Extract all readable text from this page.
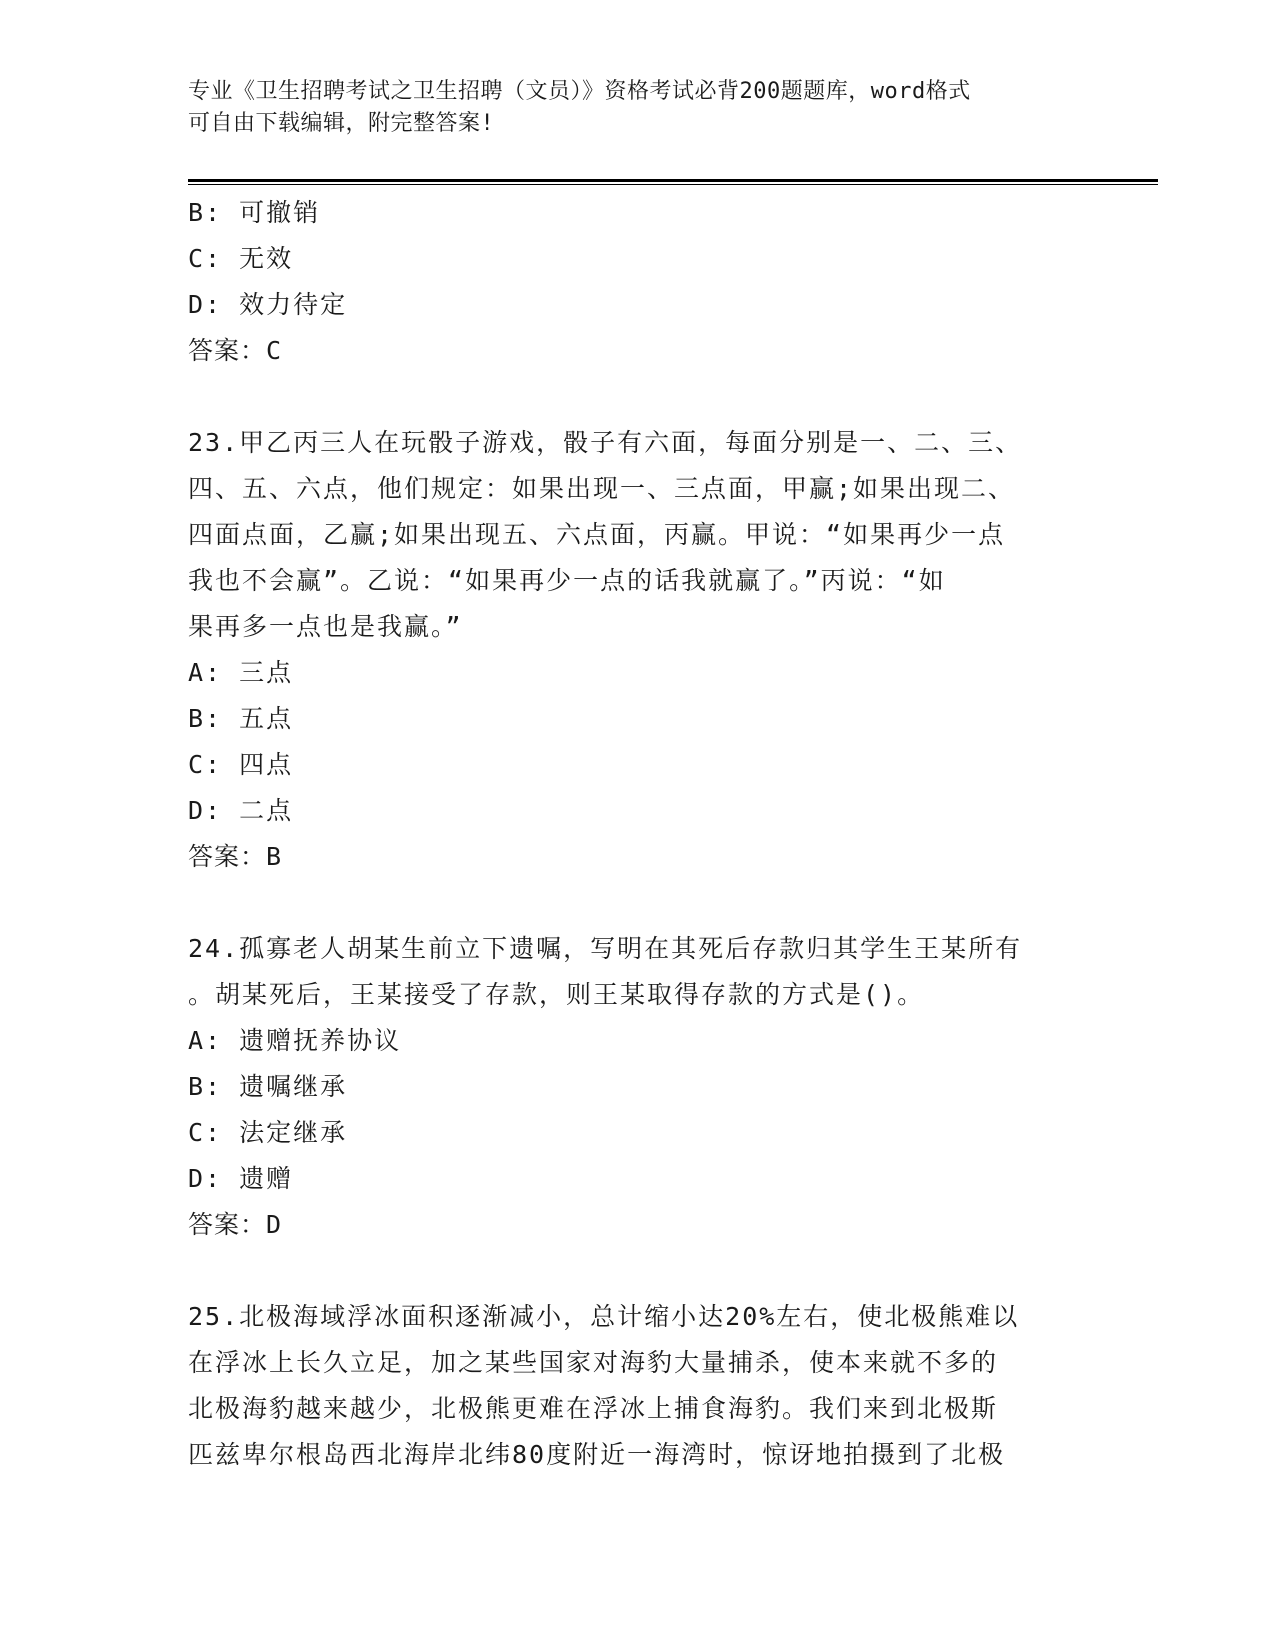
专业《卫生招聘考试之卫生招聘（文员）》资格考试必背200题题库，word格式
可自由下载编辑，附完整答案!
B: 可撤销
C: 无效
D: 效力待定
答案：C
23.甲乙丙三人在玩骰子游戏，骰子有六面，每面分别是一、二、三、
四、五、六点，他们规定：如果出现一、三点面，甲赢;如果出现二、
四面点面，乙赢;如果出现五、六点面，丙赢。甲说：“如果再少一点
我也不会赢”。乙说：“如果再少一点的话我就赢了。”丙说：“如
果再多一点也是我赢。”
A: 三点
B: 五点
C: 四点
D: 二点
答案：B
24.孤寡老人胡某生前立下遗嘱，写明在其死后存款归其学生王某所有
。胡某死后，王某接受了存款，则王某取得存款的方式是()。
A: 遗赠抚养协议
B: 遗嘱继承
C: 法定继承
D: 遗赠
答案：D
25.北极海域浮冰面积逐渐减小，总计缩小达20%左右，使北极熊难以
在浮冰上长久立足，加之某些国家对海豹大量捕杀，使本来就不多的
北极海豹越来越少，北极熊更难在浮冰上捕食海豹。我们来到北极斯
匹兹卑尔根岛西北海岸北纬80度附近一海湾时，惊讶地拍摄到了北极
